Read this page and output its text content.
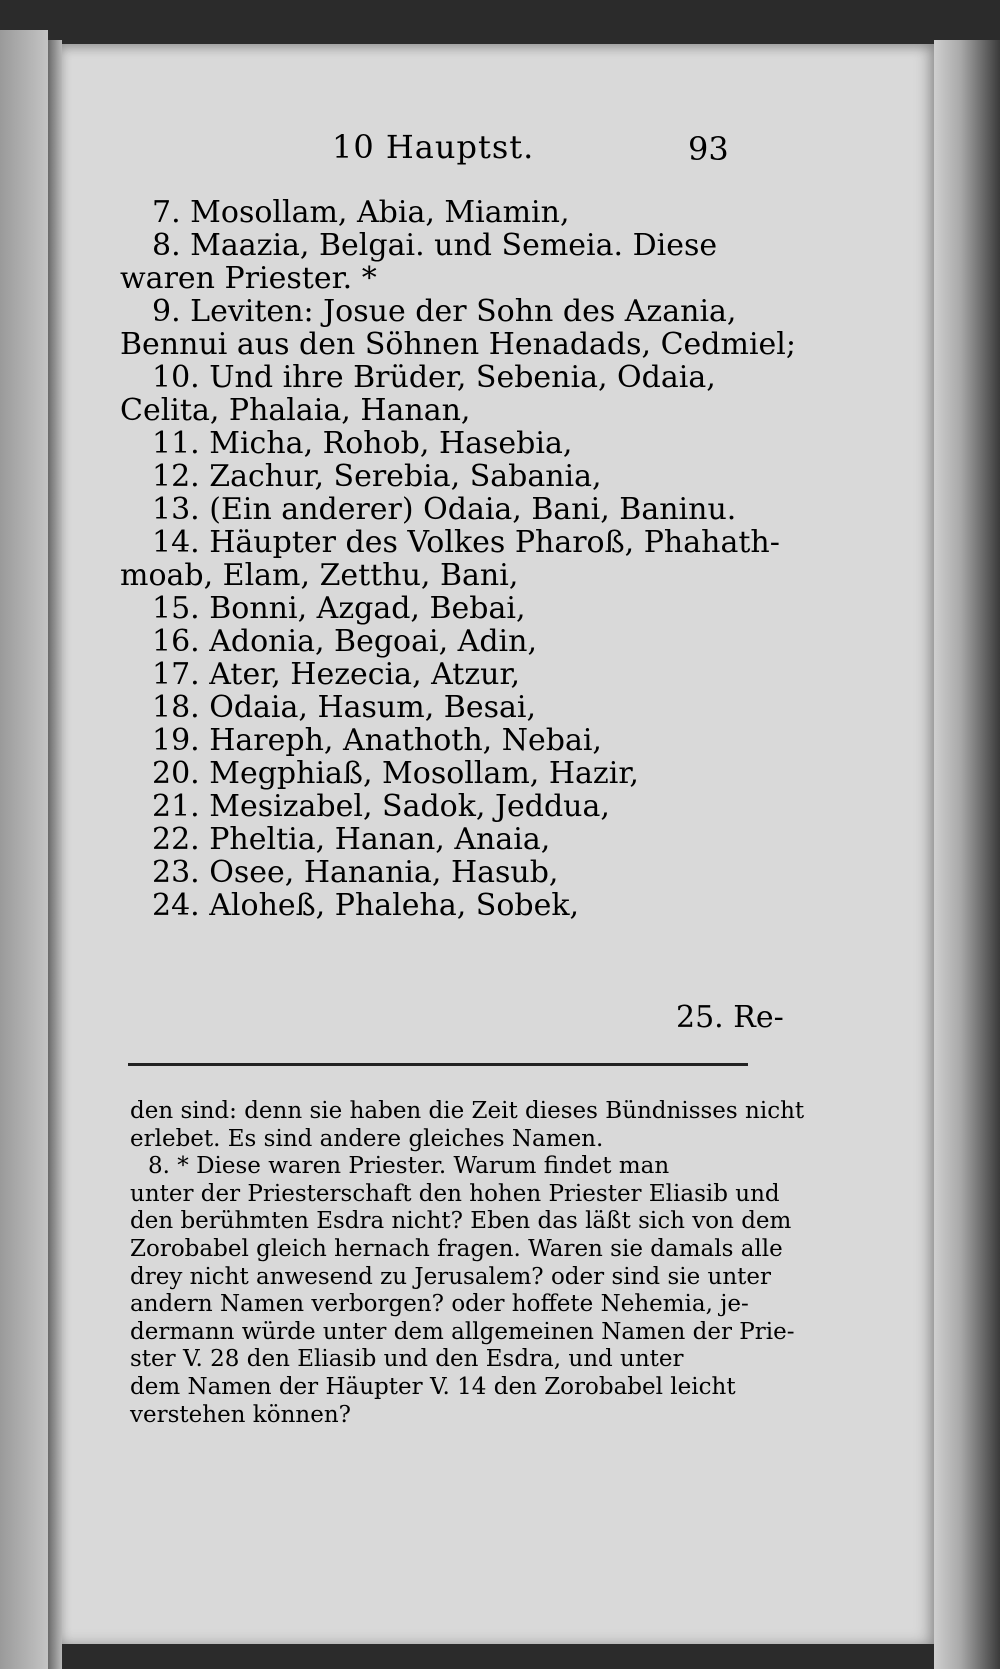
10 Hauptst.	93
7. Mosollam, Abia, Miamin,
8. Maazia, Belgai. und Semeia. Diese
waren Priester. *
9. Leviten: Josue der Sohn des Azania,
Bennui aus den Söhnen Henadads, Cedmiel;
10. Und ihre Brüder, Sebenia, Odaia,
Celita, Phalaia, Hanan,
11. Micha, Rohob, Hasebia,
12. Zachur, Serebia, Sabania,
13. (Ein anderer) Odaia, Bani, Baninu.
14. Häupter des Volkes Pharoß, Phahath-
moab, Elam, Zetthu, Bani,
15. Bonni, Azgad, Bebai,
16. Adonia, Begoai, Adin,
17. Ater, Hezecia, Atzur,
18. Odaia, Hasum, Besai,
19. Hareph, Anathoth, Nebai,
20. Megphiaß, Mosollam, Hazir,
21. Mesizabel, Sadok, Jeddua,
22. Pheltia, Hanan, Anaia,
23. Osee, Hanania, Hasub,
24. Aloheß, Phaleha, Sobek,
25. Re-
den sind: denn sie haben die Zeit dieses Bündnisses nicht
erlebet. Es sind andere gleiches Namen.
8. * Diese waren Priester. Warum findet man
unter der Priesterschaft den hohen Priester Eliasib und
den berühmten Esdra nicht? Eben das läßt sich von dem
Zorobabel gleich hernach fragen. Waren sie damals alle
drey nicht anwesend zu Jerusalem? oder sind sie unter
andern Namen verborgen? oder hoffete Nehemia, je-
dermann würde unter dem allgemeinen Namen der Prie-
ster V. 28 den Eliasib und den Esdra, und unter
dem Namen der Häupter V. 14 den Zorobabel leicht
verstehen können?
